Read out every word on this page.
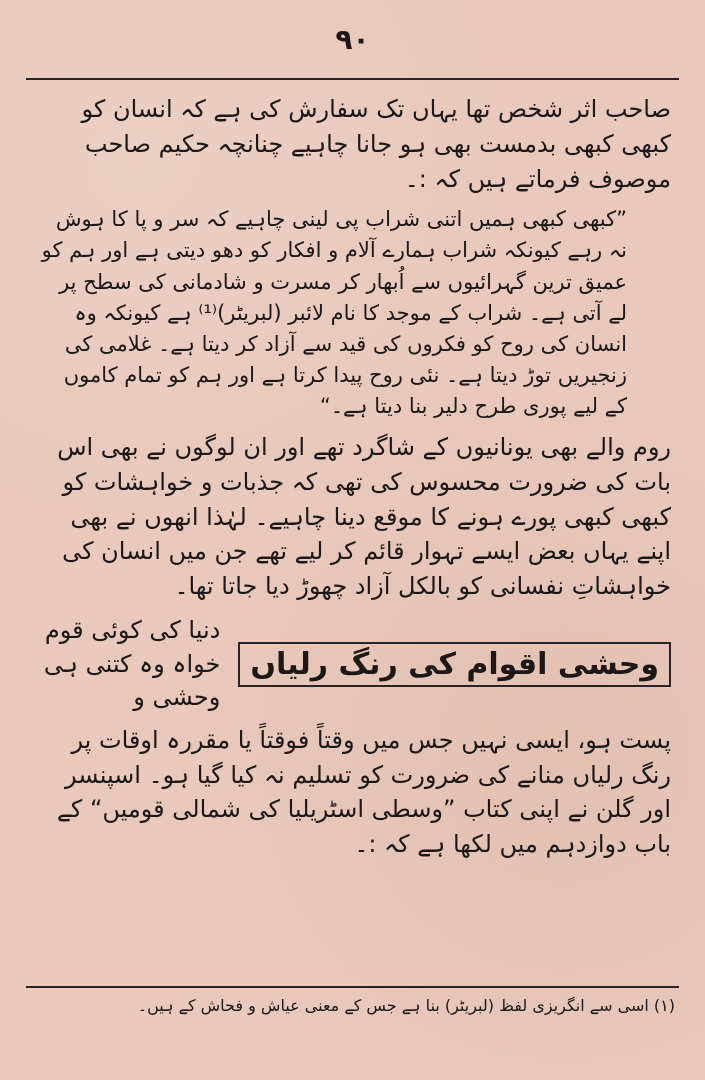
۹۰

صاحب اثر شخص تھا یہاں تک سفارش کی ہے کہ انسان کو کبھی کبھی بدمست بھی ہو جانا چاہیے چنانچہ حکیم صاحب موصوف فرماتے ہیں کہ :۔

”کبھی کبھی ہمیں اتنی شراب پی لینی چاہیے کہ سر و پا کا ہوش نہ رہے کیونکہ شراب ہمارے آلام و افکار کو دھو دیتی ہے اور ہم کو عمیق ترین گہرائیوں سے اُبھار کر مسرت و شادمانی کی سطح پر لے آتی ہے۔ شراب کے موجد کا نام لائبر (لبریٹر)⁽¹⁾ ہے کیونکہ وہ انسان کی روح کو فکروں کی قید سے آزاد کر دیتا ہے۔ غلامی کی زنجیریں توڑ دیتا ہے۔ نئی روح پیدا کرتا ہے اور ہم کو تمام کاموں کے لیے پوری طرح دلیر بنا دیتا ہے۔“

روم والے بھی یونانیوں کے شاگرد تھے اور ان لوگوں نے بھی اس بات کی ضرورت محسوس کی تھی کہ جذبات و خواہشات کو کبھی کبھی پورے ہونے کا موقع دینا چاہیے۔ لہٰذا انھوں نے بھی اپنے یہاں بعض ایسے تہوار قائم کر لیے تھے جن میں انسان کی خواہشاتِ نفسانی کو بالکل آزاد چھوڑ دیا جاتا تھا۔

وحشی اقوام کی رنگ رلیاں
دنیا کی کوئی قوم خواہ وہ کتنی ہی وحشی و

پست ہو، ایسی نہیں جس میں وقتاً فوقتاً یا مقررہ اوقات پر رنگ رلیاں منانے کی ضرورت کو تسلیم نہ کیا گیا ہو۔ اسپنسر اور گلن نے اپنی کتاب ”وسطی اسٹریلیا کی شمالی قومیں“ کے باب دوازدہم میں لکھا ہے کہ :۔

(۱) اسی سے انگریزی لفظ (لبریٹر) بنا ہے جس کے معنی عیاش و فحاش کے ہیں۔
